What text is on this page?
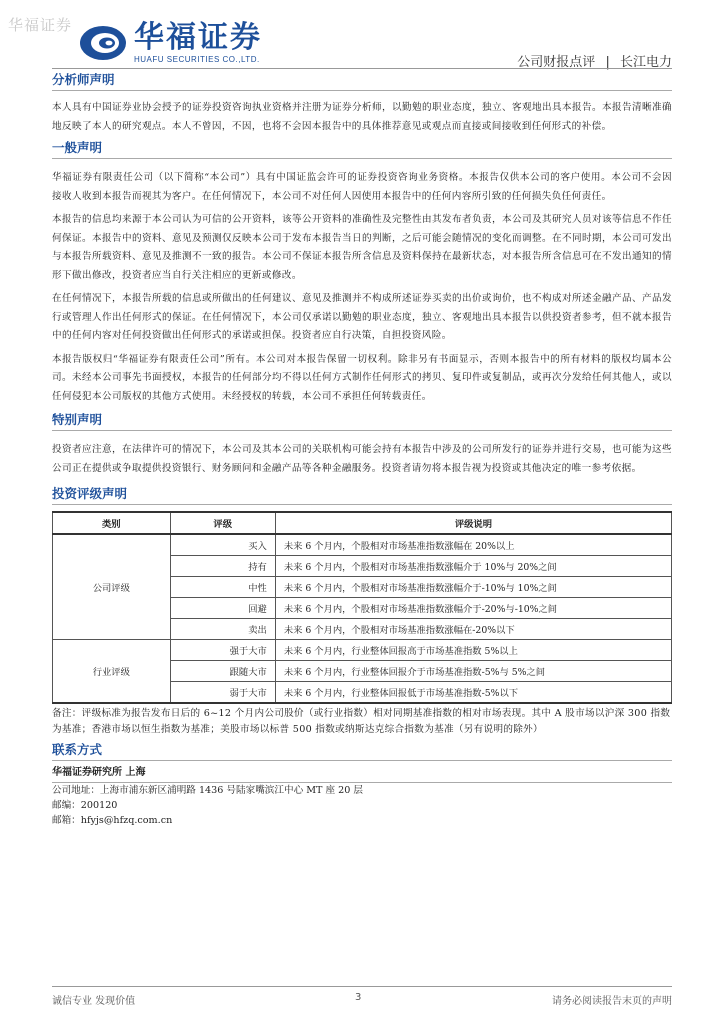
华福证券 华福证券
HUAFU SECURITIES CO.,LTD.	公司财报点评 | 长江电力
分析师声明

本人具有中国证券业协会授予的证券投资咨询执业资格并注册为证券分析师，以勤勉的职业态度，独立、客观地出具本报告。本报告清晰准确地反映了本人的研究观点。本人不曾因，不因，也将不会因本报告中的具体推荐意见或观点而直接或间接收到任何形式的补偿。

一般声明

华福证券有限责任公司（以下简称“本公司”）具有中国证监会许可的证券投资咨询业务资格。本报告仅供本公司的客户使用。本公司不会因接收人收到本报告而视其为客户。在任何情况下，本公司不对任何人因使用本报告中的任何内容所引致的任何损失负任何责任。

本报告的信息均来源于本公司认为可信的公开资料，该等公开资料的准确性及完整性由其发布者负责，本公司及其研究人员对该等信息不作任何保证。本报告中的资料、意见及预测仅反映本公司于发布本报告当日的判断，之后可能会随情况的变化而调整。在不同时期，本公司可发出与本报告所载资料、意见及推测不一致的报告。本公司不保证本报告所含信息及资料保持在最新状态，对本报告所含信息可在不发出通知的情形下做出修改，投资者应当自行关注相应的更新或修改。

在任何情况下，本报告所载的信息或所做出的任何建议、意见及推测并不构成所述证券买卖的出价或询价，也不构成对所述金融产品、产品发行或管理人作出任何形式的保证。在任何情况下，本公司仅承诺以勤勉的职业态度，独立、客观地出具本报告以供投资者参考，但不就本报告中的任何内容对任何投资做出任何形式的承诺或担保。投资者应自行决策，自担投资风险。

本报告版权归“华福证券有限责任公司”所有。本公司对本报告保留一切权利。除非另有书面显示，否则本报告中的所有材料的版权均属本公司。未经本公司事先书面授权，本报告的任何部分均不得以任何方式制作任何形式的拷贝、复印件或复制品，或再次分发给任何其他人，或以任何侵犯本公司版权的其他方式使用。未经授权的转载，本公司不承担任何转载责任。

特别声明

投资者应注意，在法律许可的情况下，本公司及其本公司的关联机构可能会持有本报告中涉及的公司所发行的证券并进行交易，也可能为这些公司正在提供或争取提供投资银行、财务顾问和金融产品等各种金融服务。投资者请勿将本报告视为投资或其他决定的唯一参考依据。

投资评级声明
类别	评级	评级说明
公司评级	买入	未来 6 个月内，个股相对市场基准指数涨幅在 20%以上
	持有	未来 6 个月内，个股相对市场基准指数涨幅介于 10%与 20%之间
	中性	未来 6 个月内，个股相对市场基准指数涨幅介于-10%与 10%之间
	回避	未来 6 个月内，个股相对市场基准指数涨幅介于-20%与-10%之间
	卖出	未来 6 个月内，个股相对市场基准指数涨幅在-20%以下
行业评级	强于大市	未来 6 个月内，行业整体回报高于市场基准指数 5%以上
	跟随大市	未来 6 个月内，行业整体回报介于市场基准指数-5%与 5%之间
	弱于大市	未来 6 个月内，行业整体回报低于市场基准指数-5%以下
备注：评级标准为报告发布日后的 6~12 个月内公司股价（或行业指数）相对同期基准指数的相对市场表现。其中 A 股市场以沪深 300 指数为基准；香港市场以恒生指数为基准；美股市场以标普 500 指数或纳斯达克综合指数为基准（另有说明的除外）
联系方式
华福证券研究所 上海
公司地址：上海市浦东新区浦明路 1436 号陆家嘴滨江中心 MT 座 20 层
邮编：200120
邮箱：hfyjs@hfzq.com.cn
诚信专业 发现价值	3	请务必阅读报告末页的声明
